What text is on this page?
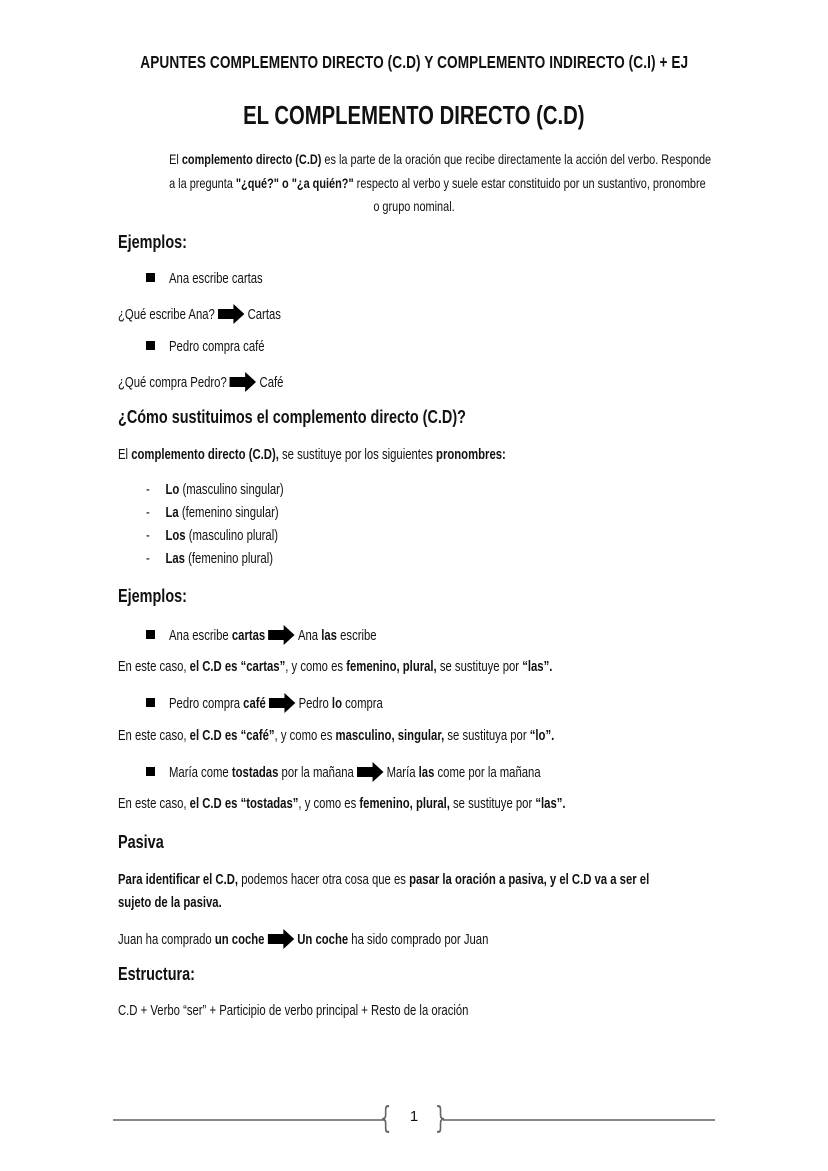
APUNTES COMPLEMENTO DIRECTO (C.D) Y COMPLEMENTO INDIRECTO (C.I) + EJ
EL COMPLEMENTO DIRECTO (C.D)
El complemento directo (C.D) es la parte de la oración que recibe directamente la acción del verbo. Responde
a la pregunta "¿qué?" o "¿a quién?" respecto al verbo y suele estar constituido por un sustantivo, pronombre
o grupo nominal.
Ejemplos:
Ana escribe cartas
¿Qué escribe Ana? Cartas
Pedro compra café
¿Qué compra Pedro? Café
¿Cómo sustituimos el complemento directo (C.D)?
El complemento directo (C.D), se sustituye por los siguientes pronombres:
-     Lo (masculino singular)
-     La (femenino singular)
-     Los (masculino plural)
-     Las (femenino plural)
Ejemplos:
Ana escribe cartas Ana las escribe
En este caso, el C.D es “cartas”, y como es femenino, plural, se sustituye por “las”.
Pedro compra café Pedro lo compra
En este caso, el C.D es “café”, y como es masculino, singular, se sustituya por “lo”.
María come tostadas por la mañana María las come por la mañana
En este caso, el C.D es “tostadas”, y como es femenino, plural, se sustituye por “las”.
Pasiva
Para identificar el C.D, podemos hacer otra cosa que es pasar la oración a pasiva, y el C.D va a ser el
sujeto de la pasiva.
Juan ha comprado un coche Un coche ha sido comprado por Juan
Estructura:
C.D + Verbo “ser” + Participio de verbo principal + Resto de la oración
{ }
1
